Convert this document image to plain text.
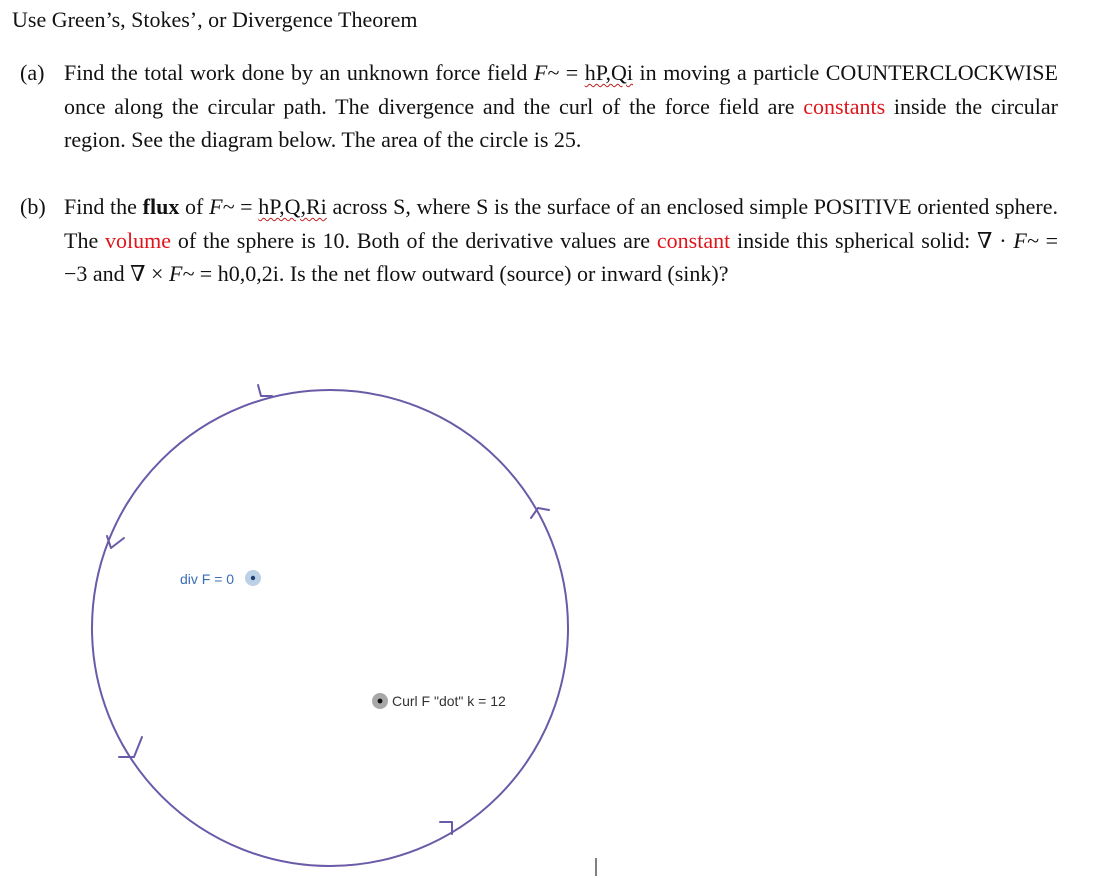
Use Green’s, Stokes’, or Divergence Theorem
(a) Find the total work done by an unknown force field F~ = hP,Qi in moving a particle COUNTERCLOCKWISE once along the circular path. The divergence and the curl of the force field are constants inside the circular region. See the diagram below. The area of the circle is 25.
(b) Find the flux of F~ = hP,Q,Ri across S, where S is the surface of an enclosed simple POSITIVE oriented sphere. The volume of the sphere is 10. Both of the derivative values are constant inside this spherical solid: ∇ · F~ = −3 and ∇ × F~ = h0,0,2i. Is the net flow outward (source) or inward (sink)?
div F = 0
Curl F "dot" k = 12
